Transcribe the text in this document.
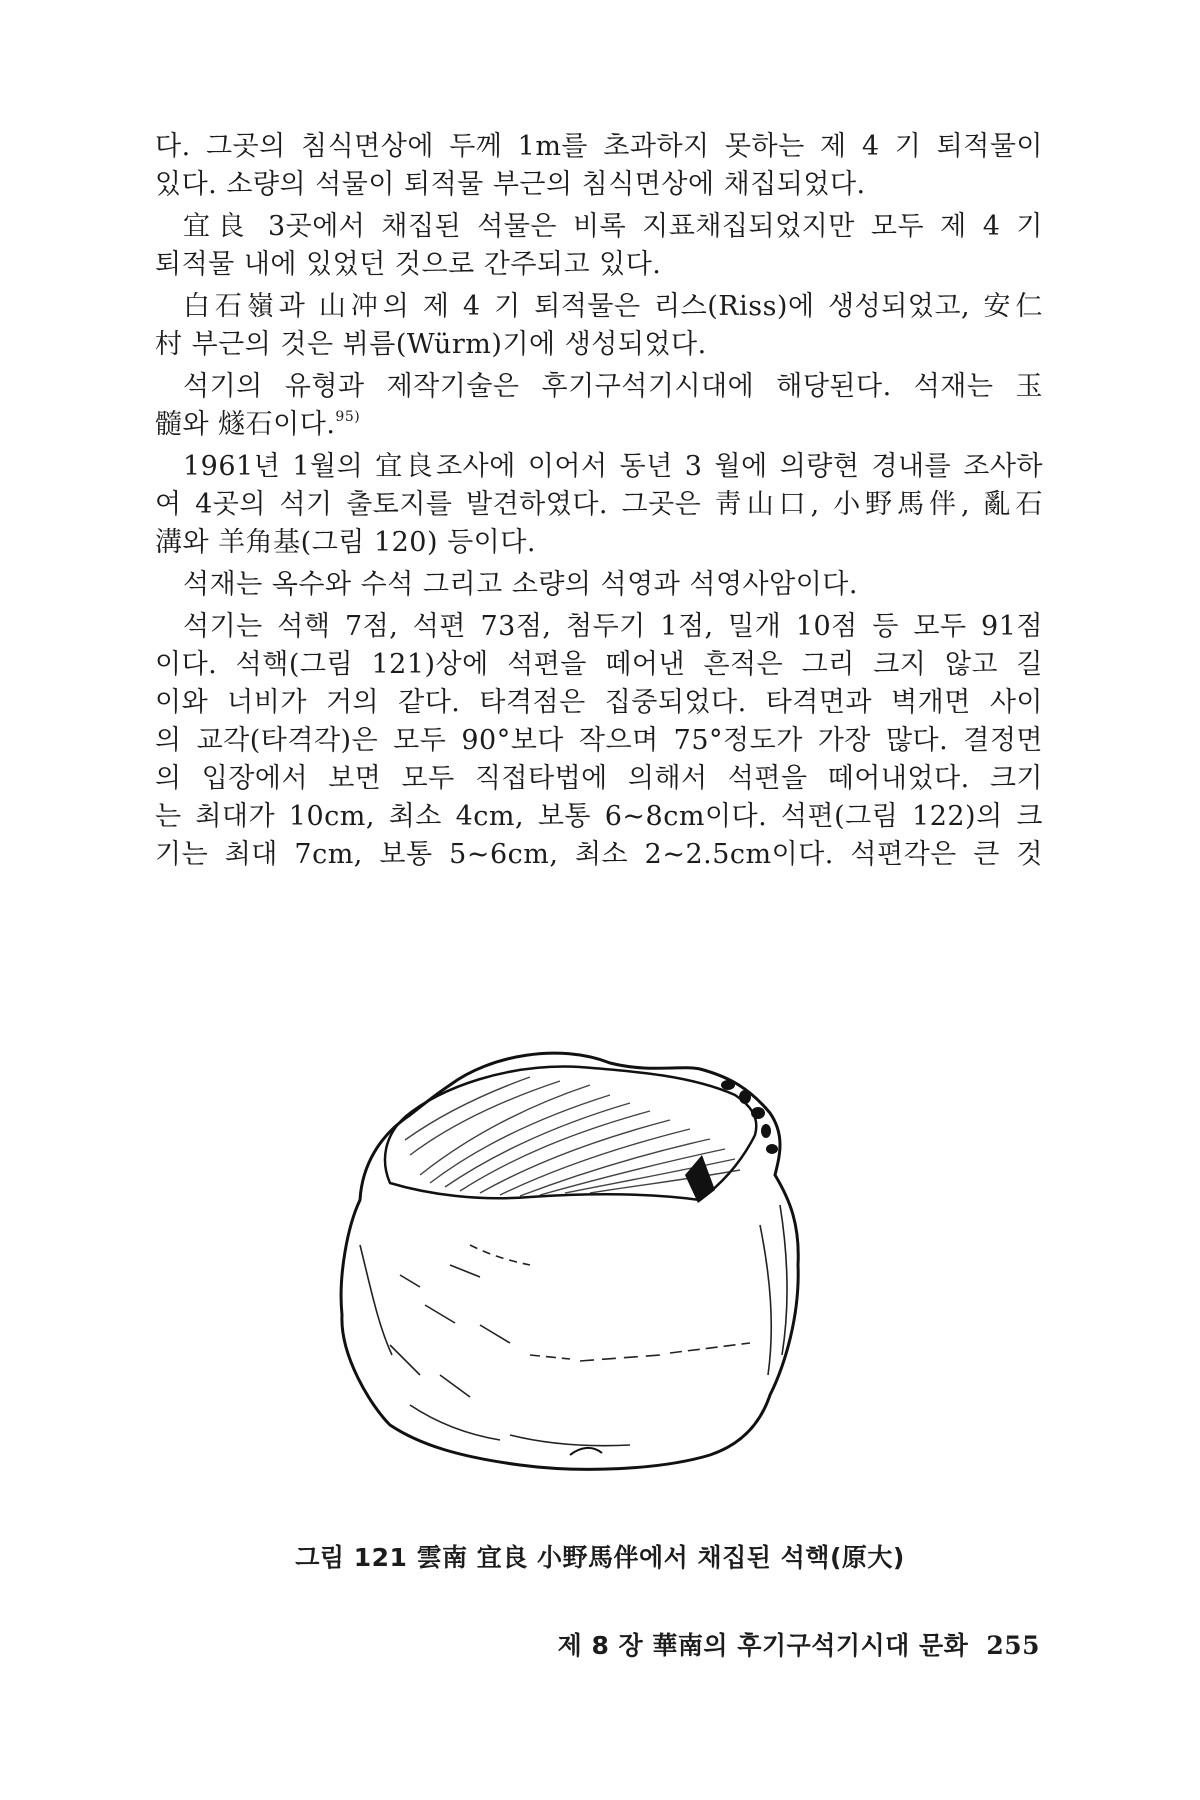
다. 그곳의 침식면상에 두께 1m를 초과하지 못하는 제 4 기 퇴적물이
있다. 소량의 석물이 퇴적물 부근의 침식면상에 채집되었다.
宜良 3곳에서 채집된 석물은 비록 지표채집되었지만 모두 제 4 기
퇴적물 내에 있었던 것으로 간주되고 있다.
白石嶺과 山冲의 제 4 기 퇴적물은 리스(Riss)에 생성되었고, 安仁
村 부근의 것은 뷔름(Würm)기에 생성되었다.
석기의 유형과 제작기술은 후기구석기시대에 해당된다. 석재는 玉
髓와 燧石이다.$^{95)}$
1961년 1월의 宜良조사에 이어서 동년 3 월에 의량현 경내를 조사하
여 4곳의 석기 출토지를 발견하였다. 그곳은 靑山口, 小野馬伴, 亂石
溝와 羊角基(그림 120) 등이다.
석재는 옥수와 수석 그리고 소량의 석영과 석영사암이다.
석기는 석핵 7점, 석편 73점, 첨두기 1점, 밀개 10점 등 모두 91점
이다. 석핵(그림 121)상에 석편을 떼어낸 흔적은 그리 크지 않고 길
이와 너비가 거의 같다. 타격점은 집중되었다. 타격면과 벽개면 사이
의 교각(타격각)은 모두 90°보다 작으며 75°정도가 가장 많다. 결정면
의 입장에서 보면 모두 직접타법에 의해서 석편을 떼어내었다. 크기
는 최대가 10cm, 최소 4cm, 보통 6~8cm이다. 석편(그림 122)의 크
기는 최대 7cm, 보통 5~6cm, 최소 2~2.5cm이다. 석편각은 큰 것
그림 121 雲南 宜良 小野馬伴에서 채집된 석핵(原大)
제 8 장 華南의 후기구석기시대 문화 255
